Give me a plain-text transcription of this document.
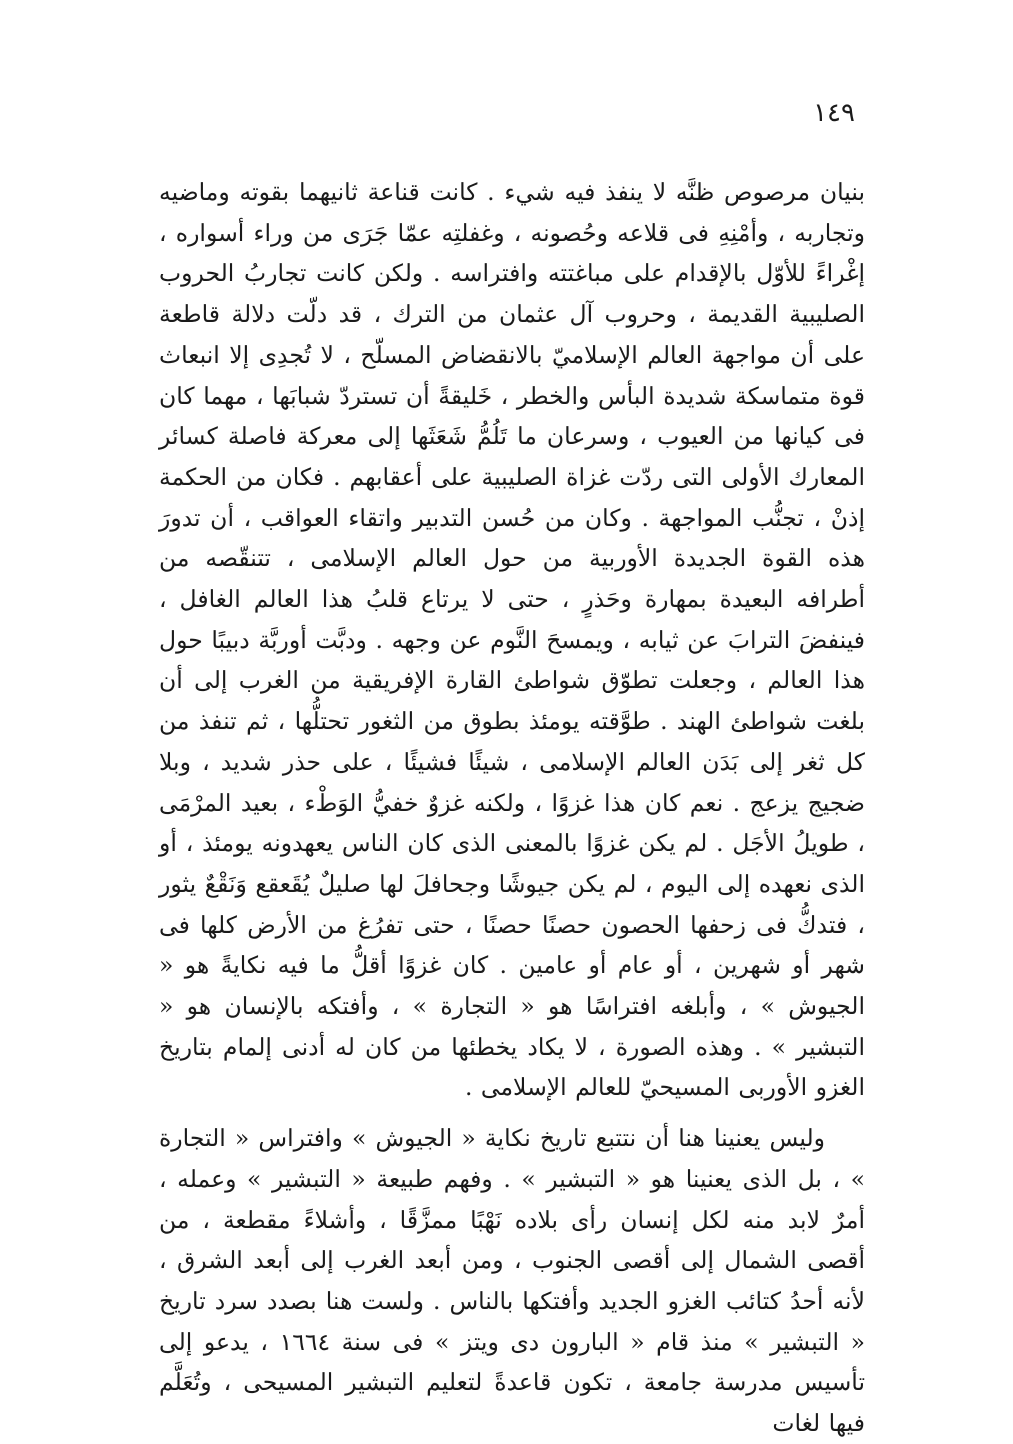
١٤٩

بنيان مرصوص ظنَّه لا ينفذ فيه شيء . كانت قناعة ثانيهما بقوته وماضيه وتجاربه ، وأمْنِهِ فى قلاعه وحُصونه ، وغفلتِه عمّا جَرَى من وراء أسواره ، إغْراءً للأوّل بالإقدام على مباغتته وافتراسه . ولكن كانت تجاربُ الحروب الصليبية القديمة ، وحروب آل عثمان من الترك ، قد دلّت دلالة قاطعة على أن مواجهة العالم الإسلاميّ بالانقضاض المسلّح ، لا تُجدِى إلا انبعاث قوة متماسكة شديدة البأس والخطر ، خَليقةً أن تستردّ شبابَها ، مهما كان فى كيانها من العيوب ، وسرعان ما تَلُمُّ شَعَثَها إلى معركة فاصلة كسائر المعارك الأولى التى ردّت غزاة الصليبية على أعقابهم . فكان من الحكمة إذنْ ، تجنُّب المواجهة . وكان من حُسن التدبير واتقاء العواقب ، أن تدورَ هذه القوة الجديدة الأوربية من حول العالم الإسلامى ، تتنقّصه من أطرافه البعيدة بمهارة وحَذرٍ ، حتى لا يرتاع قلبُ هذا العالم الغافل ، فينفضَ الترابَ عن ثيابه ، ويمسحَ النَّوم عن وجهه . ودبَّت أوربَّة دبيبًا حول هذا العالم ، وجعلت تطوّق شواطئ القارة الإفريقية من الغرب إلى أن بلغت شواطئ الهند . طوَّقته يومئذ بطوق من الثغور تحتلُّها ، ثم تنفذ من كل ثغر إلى بَدَن العالم الإسلامى ، شيئًا فشيئًا ، على حذر شديد ، وبلا ضجيج يزعج . نعم كان هذا غزوًا ، ولكنه غزوٌ خفيُّ الوَطْء ، بعيد المرْمَى ، طويلُ الأجَل . لم يكن غزوًا بالمعنى الذى كان الناس يعهدونه يومئذ ، أو الذى نعهده إلى اليوم ، لم يكن جيوشًا وجحافلَ لها صليلٌ يُقَعقع وَنَقْعٌ يثور ، فتدكُّ فى زحفها الحصون حصنًا حصنًا ، حتى تفرُغ من الأرض كلها فى شهر أو شهرين ، أو عام أو عامين . كان غزوًا أقلُّ ما فيه نكايةً هو « الجيوش » ، وأبلغه افتراسًا هو « التجارة » ، وأفتكه بالإنسان هو « التبشير » . وهذه الصورة ، لا يكاد يخطئها من كان له أدنى إلمام بتاريخ الغزو الأوربى المسيحيّ للعالم الإسلامى .

وليس يعنينا هنا أن نتتبع تاريخ نكاية « الجيوش » وافتراس « التجارة » ، بل الذى يعنينا هو « التبشير » . وفهم طبيعة « التبشير » وعمله ، أمرٌ لابد منه لكل إنسان رأى بلاده نَهْبًا ممزَّقًا ، وأشلاءً مقطعة ، من أقصى الشمال إلى أقصى الجنوب ، ومن أبعد الغرب إلى أبعد الشرق ، لأنه أحدُ كتائب الغزو الجديد وأفتكها بالناس . ولست هنا بصدد سرد تاريخ « التبشير » منذ قام « البارون دى ويتز » فى سنة ١٦٦٤ ، يدعو إلى تأسيس مدرسة جامعة ، تكون قاعدةً لتعليم التبشير المسيحى ، وتُعَلَّم فيها لغات
